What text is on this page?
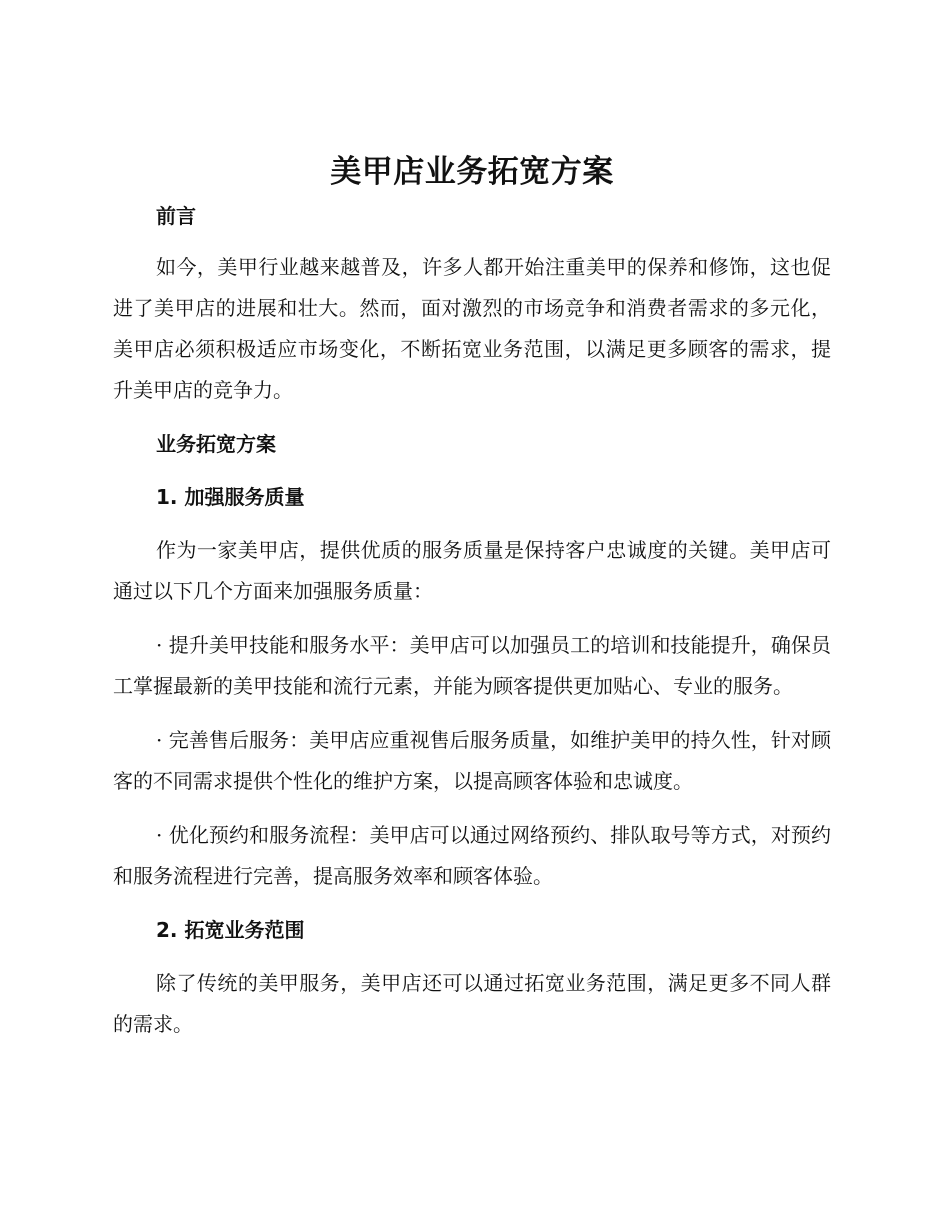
美甲店业务拓宽方案
前言

如今，美甲行业越来越普及，许多人都开始注重美甲的保养和修饰，这也促进了美甲店的进展和壮大。然而，面对激烈的市场竞争和消费者需求的多元化，美甲店必须积极适应市场变化，不断拓宽业务范围，以满足更多顾客的需求，提升美甲店的竞争力。

业务拓宽方案
1. 加强服务质量

作为一家美甲店，提供优质的服务质量是保持客户忠诚度的关键。美甲店可通过以下几个方面来加强服务质量：

· 提升美甲技能和服务水平：美甲店可以加强员工的培训和技能提升，确保员工掌握最新的美甲技能和流行元素，并能为顾客提供更加贴心、专业的服务。

· 完善售后服务：美甲店应重视售后服务质量，如维护美甲的持久性，针对顾客的不同需求提供个性化的维护方案，以提高顾客体验和忠诚度。

· 优化预约和服务流程：美甲店可以通过网络预约、排队取号等方式，对预约和服务流程进行完善，提高服务效率和顾客体验。

2. 拓宽业务范围

除了传统的美甲服务，美甲店还可以通过拓宽业务范围，满足更多不同人群的需求。
